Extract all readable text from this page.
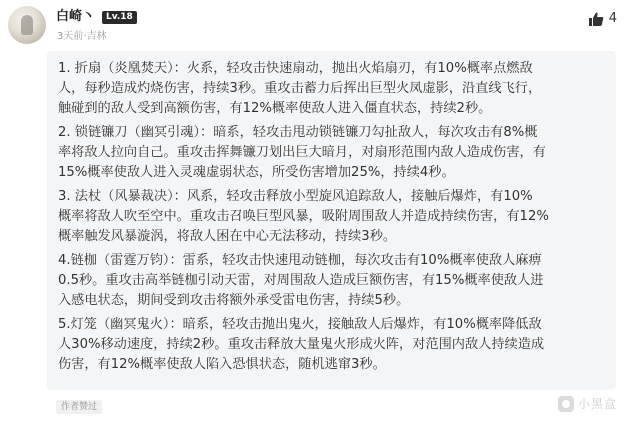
白崎丶	Lv.18
3天前·吉林
4
1. 折扇（炎凰焚天）：火系，轻攻击快速扇动，抛出火焰扇刃，有10%概率点燃敌
人，每秒造成灼烧伤害，持续3秒。重攻击蓄力后挥出巨型火凤虚影，沿直线飞行，
触碰到的敌人受到高额伤害，有12%概率使敌人进入僵直状态，持续2秒。
2. 锁链镰刀（幽冥引魂）：暗系，轻攻击甩动锁链镰刀勾扯敌人，每次攻击有8%概
率将敌人拉向自己。重攻击挥舞镰刀划出巨大暗月，对扇形范围内敌人造成伤害，有
15%概率使敌人进入灵魂虚弱状态，所受伤害增加25%，持续4秒。
3. 法杖（风暴裁决）：风系，轻攻击释放小型旋风追踪敌人，接触后爆炸，有10%
概率将敌人吹至空中。重攻击召唤巨型风暴，吸附周围敌人并造成持续伤害，有12%
概率触发风暴漩涡，将敌人困在中心无法移动，持续3秒。
4.链枷（雷霆万钧）：雷系，轻攻击快速甩动链枷，每次攻击有10%概率使敌人麻痹
0.5秒。重攻击高举链枷引动天雷，对周围敌人造成巨额伤害，有15%概率使敌人进
入感电状态，期间受到攻击将额外承受雷电伤害，持续5秒。
5.灯笼（幽冥鬼火）：暗系，轻攻击抛出鬼火，接触敌人后爆炸，有10%概率降低敌
人30%移动速度，持续2秒。重攻击释放大量鬼火形成火阵，对范围内敌人持续造成
伤害，有12%概率使敌人陷入恐惧状态，随机逃窜3秒。
作者赞过	小黑盒
